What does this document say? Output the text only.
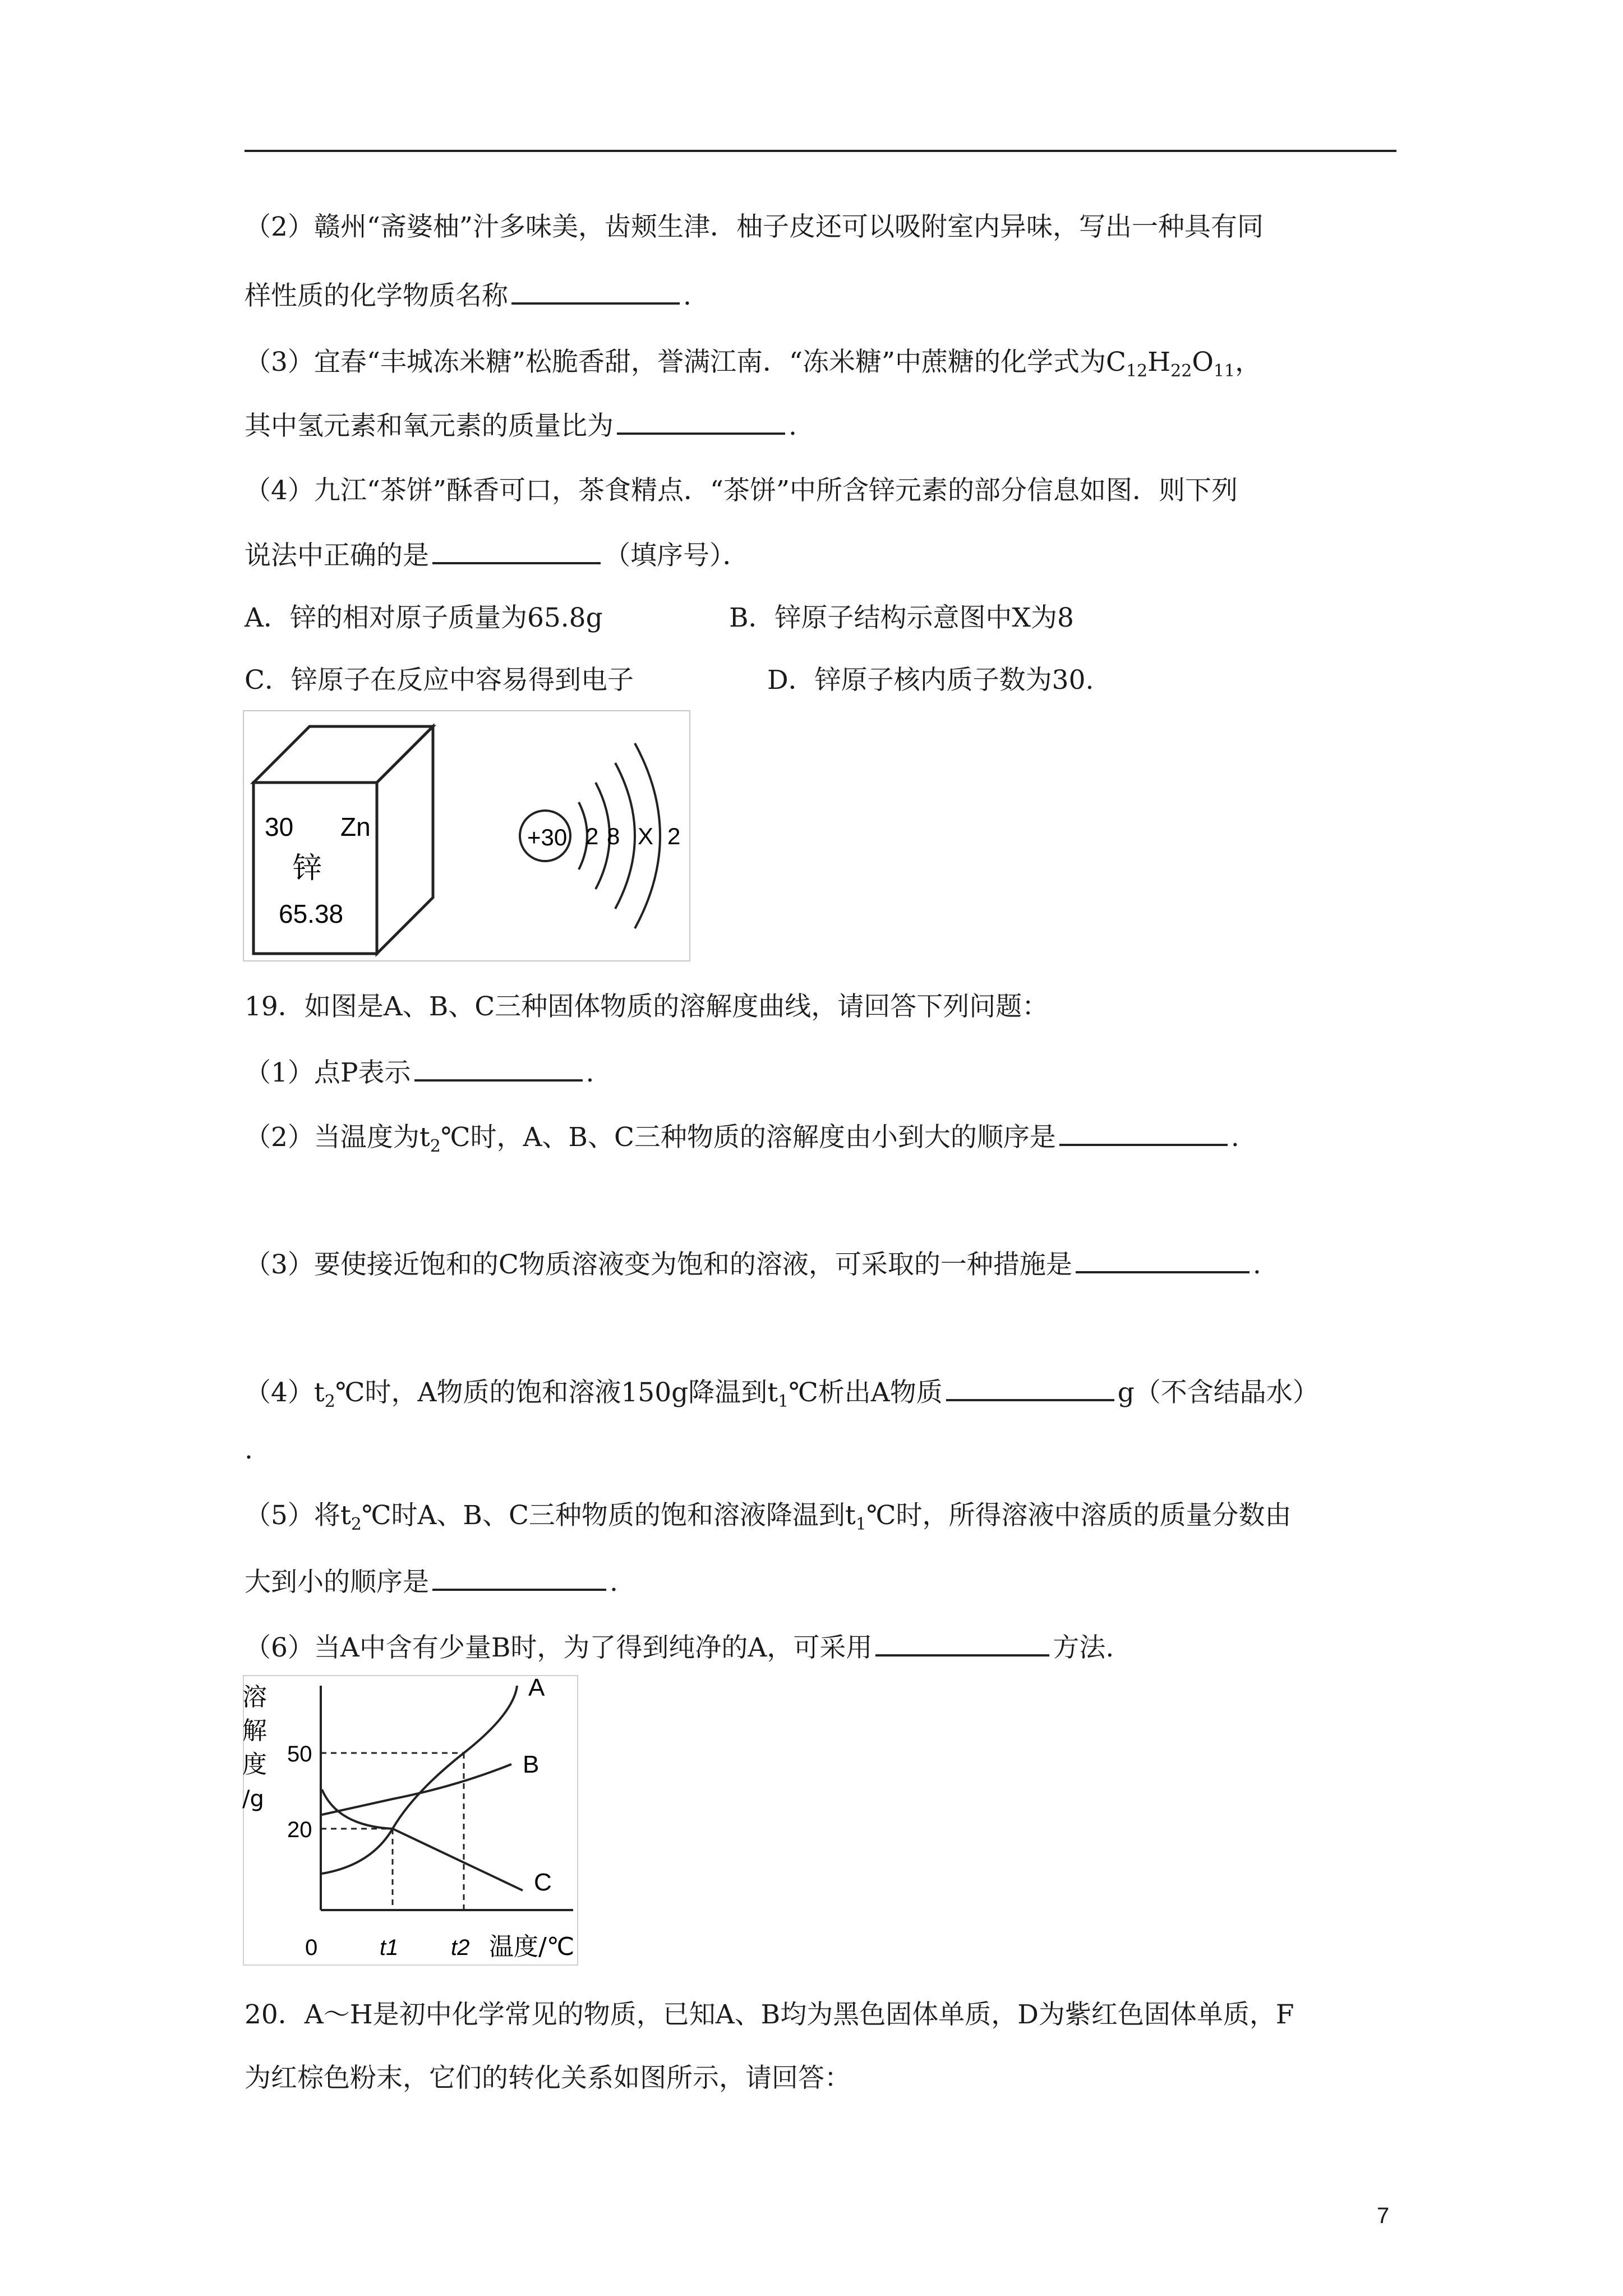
（2）赣州“斋婆柚”汁多味美，齿颊生津．柚子皮还可以吸附室内异味，写出一种具有同
样性质的化学物质名称	.
（3）宜春“丰城冻米糖”松脆香甜，誉满江南．“冻米糖”中蔗糖的化学式为$C_{12}H_{22}O_{11}$，
其中氢元素和氧元素的质量比为	.
（4）九江“茶饼”酥香可口，茶食精点．“茶饼”中所含锌元素的部分信息如图．则下列
说法中正确的是	（填序号）．
A．锌的相对原子质量为65.8g	B．锌原子结构示意图中X为8
C．锌原子在反应中容易得到电子	D．锌原子核内质子数为30.
30 Zn
锌
65.38
+30 2 8 X 2
19．如图是A、B、C三种固体物质的溶解度曲线，请回答下列问题：
（1）点P表示	.
（2）当温度为$t_2℃$时，A、B、C三种物质的溶解度由小到大的顺序是	.
（3）要使接近饱和的C物质溶液变为饱和的溶液，可采取的一种措施是	.
$(4)t_2℃$时，A物质的饱和溶液150g降温到$t_1℃$析出A物质	g（不含结晶水）
.
（5）将$t_2℃$时A、B、C三种物质的饱和溶液降温到$t_1℃$时，所得溶液中溶质的质量分数由
大到小的顺序是	.
（6）当A中含有少量B时，为了得到纯净的A，可采用	方法.
溶
解
度
/g
50
20
0	t1 t2 温度/℃
A
B
C
20．A～H是初中化学常见的物质，已知A、B均为黑色固体单质，D为紫红色固体单质，F
为红棕色粉末，它们的转化关系如图所示，请回答：
7
